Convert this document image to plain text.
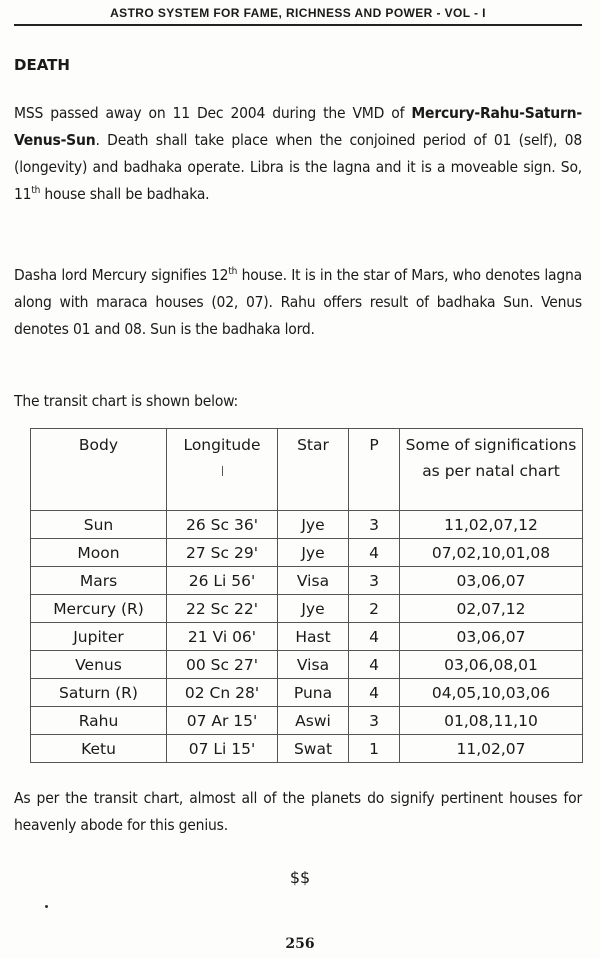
ASTRO SYSTEM FOR FAME, RICHNESS AND POWER - VOL - I
DEATH
MSS passed away on 11 Dec 2004 during the VMD of Mercury-Rahu-Saturn-Venus-Sun. Death shall take place when the conjoined period of 01 (self), 08 (longevity) and badhaka operate. Libra is the lagna and it is a moveable sign. So, 11th house shall be badhaka.
Dasha lord Mercury signifies 12th house. It is in the star of Mars, who denotes lagna along with maraca houses (02, 07). Rahu offers result of badhaka Sun. Venus denotes 01 and 08. Sun is the badhaka lord.
The transit chart is shown below:
Body	Longitude	Star	P	Some of significations as per natal chart
Sun	26 Sc 36'	Jye	3	11,02,07,12
Moon	27 Sc 29'	Jye	4	07,02,10,01,08
Mars	26 Li 56'	Visa	3	03,06,07
Mercury (R)	22 Sc 22'	Jye	2	02,07,12
Jupiter	21 Vi 06'	Hast	4	03,06,07
Venus	00 Sc 27'	Visa	4	03,06,08,01
Saturn (R)	02 Cn 28'	Puna	4	04,05,10,03,06
Rahu	07 Ar 15'	Aswi	3	01,08,11,10
Ketu	07 Li 15'	Swat	1	11,02,07
As per the transit chart, almost all of the planets do signify pertinent houses for heavenly abode for this genius.
$$
256
